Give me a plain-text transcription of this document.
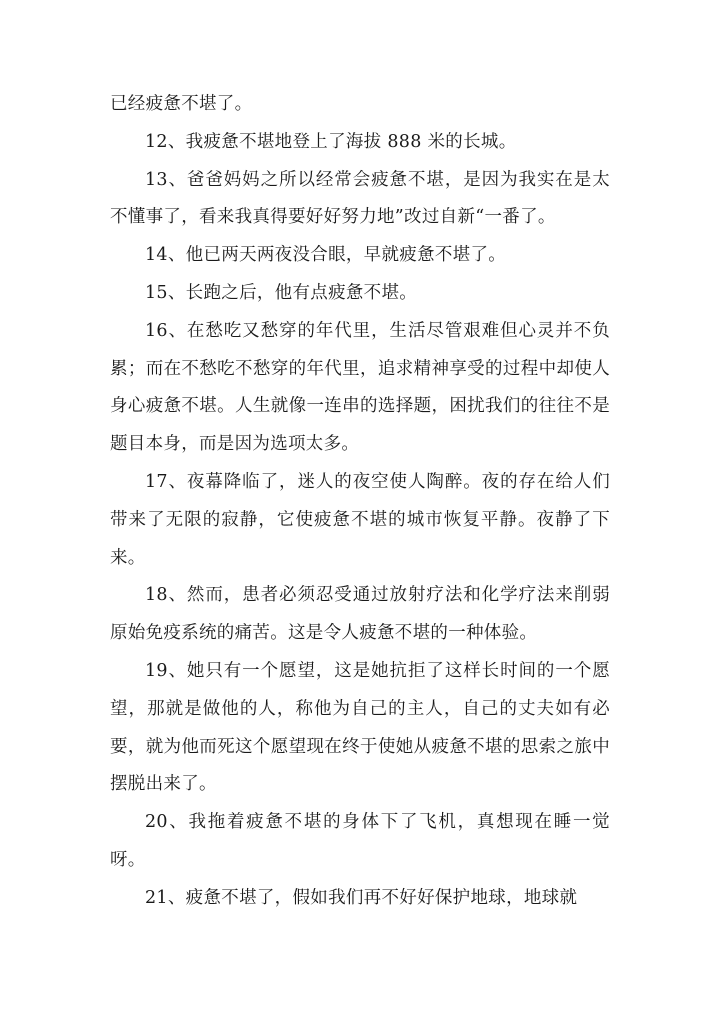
已经疲惫不堪了。

12、我疲惫不堪地登上了海拔 888 米的长城。

13、爸爸妈妈之所以经常会疲惫不堪，是因为我实在是太不懂事了，看来我真得要好好努力地”改过自新“一番了。

14、他已两天两夜没合眼，早就疲惫不堪了。

15、长跑之后，他有点疲惫不堪。

16、在愁吃又愁穿的年代里，生活尽管艰难但心灵并不负累；而在不愁吃不愁穿的年代里，追求精神享受的过程中却使人身心疲惫不堪。人生就像一连串的选择题，困扰我们的往往不是题目本身，而是因为选项太多。

17、夜幕降临了，迷人的夜空使人陶醉。夜的存在给人们带来了无限的寂静，它使疲惫不堪的城市恢复平静。夜静了下来。

18、然而，患者必须忍受通过放射疗法和化学疗法来削弱原始免疫系统的痛苦。这是令人疲惫不堪的一种体验。

19、她只有一个愿望，这是她抗拒了这样长时间的一个愿望，那就是做他的人，称他为自己的主人，自己的丈夫如有必要，就为他而死这个愿望现在终于使她从疲惫不堪的思索之旅中摆脱出来了。

20、我拖着疲惫不堪的身体下了飞机，真想现在睡一觉呀。

21、疲惫不堪了，假如我们再不好好保护地球，地球就
